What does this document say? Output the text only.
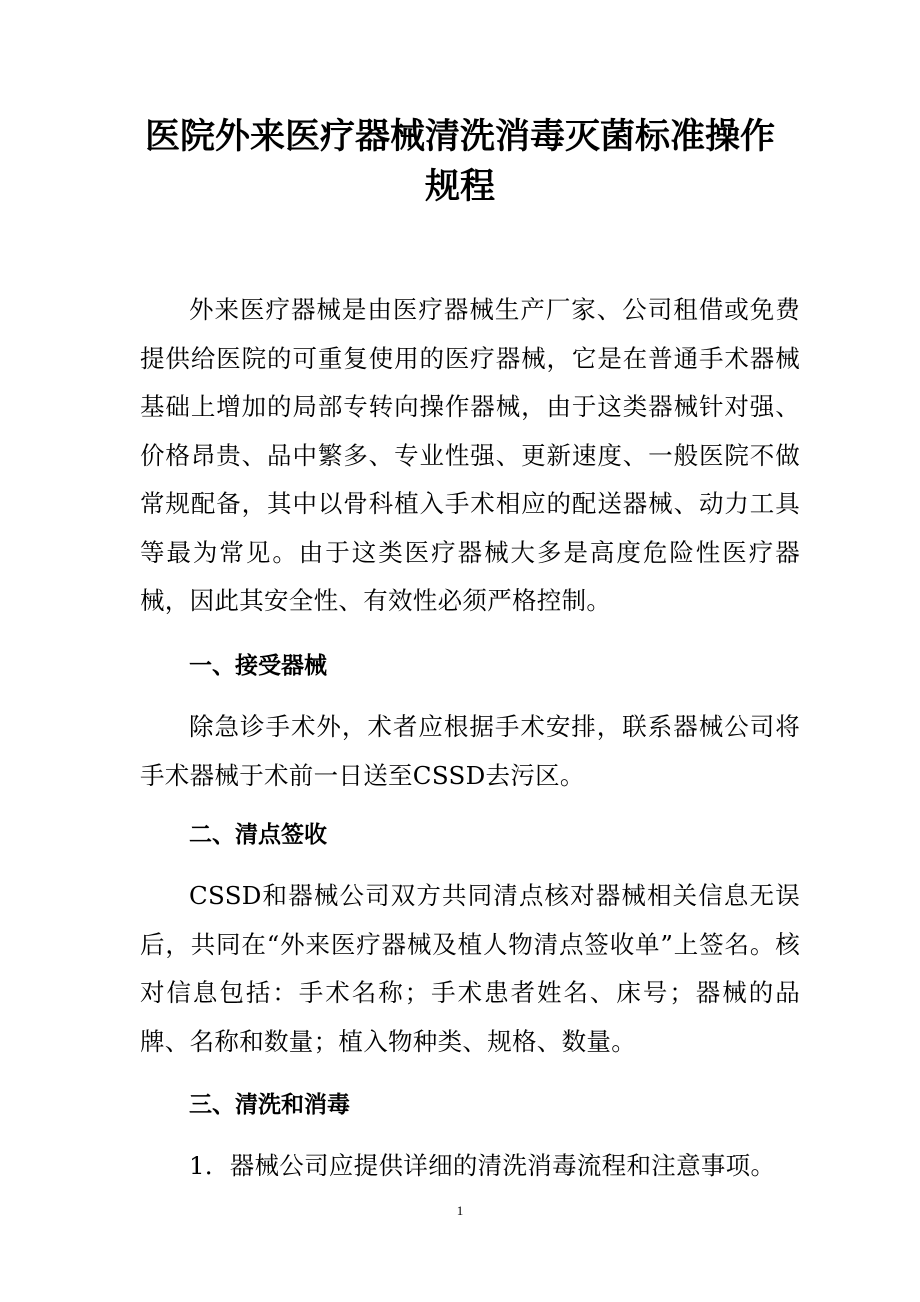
医院外来医疗器械清洗消毒灭菌标准操作
规程

外来医疗器械是由医疗器械生产厂家、公司租借或免费提供给医院的可重复使用的医疗器械，它是在普通手术器械基础上增加的局部专转向操作器械，由于这类器械针对强、价格昂贵、品中繁多、专业性强、更新速度、一般医院不做常规配备，其中以骨科植入手术相应的配送器械、动力工具等最为常见。由于这类医疗器械大多是高度危险性医疗器械，因此其安全性、有效性必须严格控制。

一、接受器械

除急诊手术外，术者应根据手术安排，联系器械公司将手术器械于术前一日送至CSSD去污区。

二、清点签收

CSSD和器械公司双方共同清点核对器械相关信息无误后，共同在“外来医疗器械及植人物清点签收单”上签名。核对信息包括：手术名称；手术患者姓名、床号；器械的品牌、名称和数量；植入物种类、规格、数量。

三、清洗和消毒

1．器械公司应提供详细的清洗消毒流程和注意事项。

1
